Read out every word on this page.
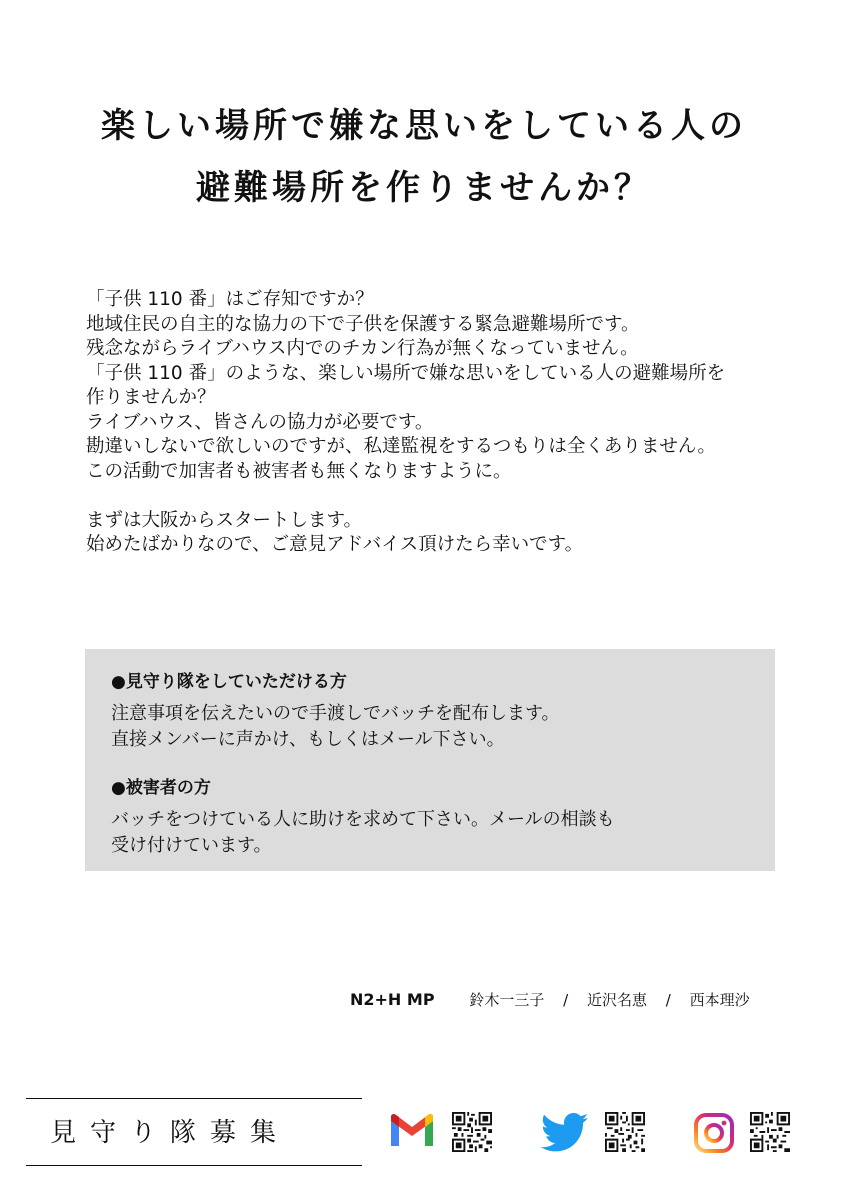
楽しい場所で嫌な思いをしている人の
避難場所を作りませんか？

「子供 110 番」はご存知ですか？

地域住民の自主的な協力の下で子供を保護する緊急避難場所です。

残念ながらライブハウス内でのチカン行為が無くなっていません。

「子供 110 番」のような、楽しい場所で嫌な思いをしている人の避難場所を

作りませんか？

ライブハウス、皆さんの協力が必要です。

勘違いしないで欲しいのですが、私達監視をするつもりは全くありません。

この活動で加害者も被害者も無くなりますように。

まずは大阪からスタートします。

始めたばかりなので、ご意見アドバイス頂けたら幸いです。

●見守り隊をしていただける方
注意事項を伝えたいので手渡しでバッチを配布します。
直接メンバーに声かけ、もしくはメール下さい。
●被害者の方
バッチをつけている人に助けを求めて下さい。メールの相談も
受け付けています。
N2+H MP 鈴木一三子 / 近沢名恵 / 西本理沙
見守り隊募集
